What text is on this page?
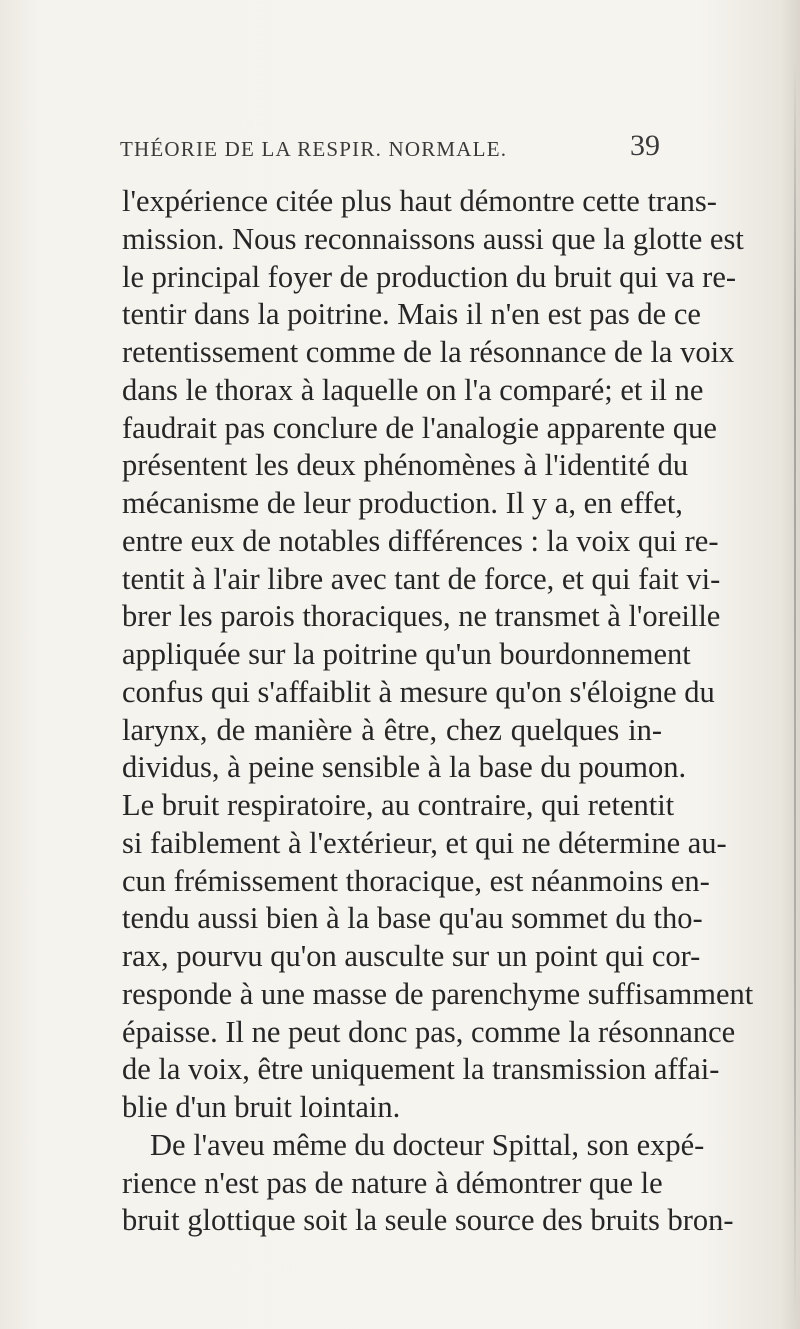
THÉORIE DE LA RESPIR. NORMALE.	39
l'expérience citée plus haut démontre cette trans-
mission. Nous reconnaissons aussi que la glotte est
le principal foyer de production du bruit qui va re-
tentir dans la poitrine. Mais il n'en est pas de ce
retentissement comme de la résonnance de la voix
dans le thorax à laquelle on l'a comparé; et il ne
faudrait pas conclure de l'analogie apparente que
présentent les deux phénomènes à l'identité du
mécanisme de leur production. Il y a, en effet,
entre eux de notables différences : la voix qui re-
tentit à l'air libre avec tant de force, et qui fait vi-
brer les parois thoraciques, ne transmet à l'oreille
appliquée sur la poitrine qu'un bourdonnement
confus qui s'affaiblit à mesure qu'on s'éloigne du
larynx, de manière à être, chez quelques in-
dividus, à peine sensible à la base du poumon.
Le bruit respiratoire, au contraire, qui retentit
si faiblement à l'extérieur, et qui ne détermine au-
cun frémissement thoracique, est néanmoins en-
tendu aussi bien à la base qu'au sommet du tho-
rax, pourvu qu'on ausculte sur un point qui cor-
responde à une masse de parenchyme suffisamment
épaisse. Il ne peut donc pas, comme la résonnance
de la voix, être uniquement la transmission affai-
blie d'un bruit lointain.
De l'aveu même du docteur Spittal, son expé-
rience n'est pas de nature à démontrer que le
bruit glottique soit la seule source des bruits bron-
